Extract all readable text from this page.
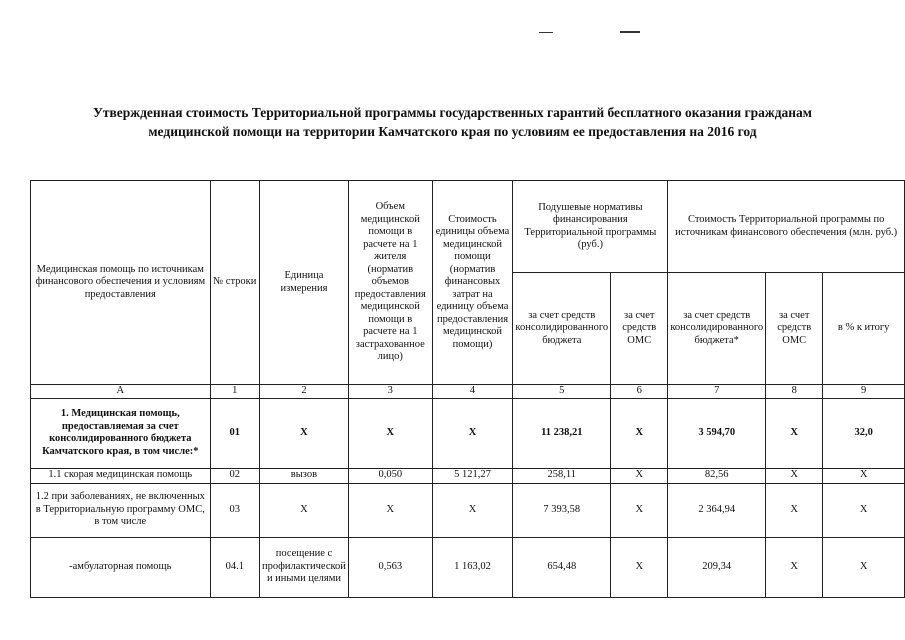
Утвержденная стоимость Территориальной программы государственных гарантий бесплатного оказания гражданам
медицинской помощи на территории Камчатского края по условиям ее предоставления на 2016 год
Медицинская помощь по источникам финансового обеспечения и условиям предоставления	№ строки	Единица измерения	Объем медицинской помощи в расчете на 1 жителя (норматив объемов предоставления медицинской помощи в расчете на 1 застрахованное лицо)	Стоимость единицы объема медицинской помощи (норматив финансовых затрат на единицу объема предоставления медицинской помощи)	Подушевые нормативы финансирования Территориальной программы (руб.)		Стоимость Территориальной программы по источникам финансового обеспечения (млн. руб.)		
					за счет средств консолидированного бюджета	за счет средств ОМС	за счет средств консолидированного бюджета*	за счет средств ОМС	в % к итогу
А	1	2	3	4	5	6	7	8	9
1. Медицинская помощь, предоставляемая за счет консолидированного бюджета Камчатского края, в том числе:*	01	Х	Х	Х	11 238,21	Х	3 594,70	Х	32,0
1.1 скорая медицинская помощь	02	вызов	0,050	5 121,27	258,11	Х	82,56	Х	Х
1.2 при заболеваниях, не включенных в Территориальную программу ОМС, в том числе	03	Х	Х	Х	7 393,58	Х	2 364,94	Х	Х
-амбулаторная помощь	04.1	посещение с профилактической и иными целями	0,563	1 163,02	654,48	Х	209,34	Х	Х
